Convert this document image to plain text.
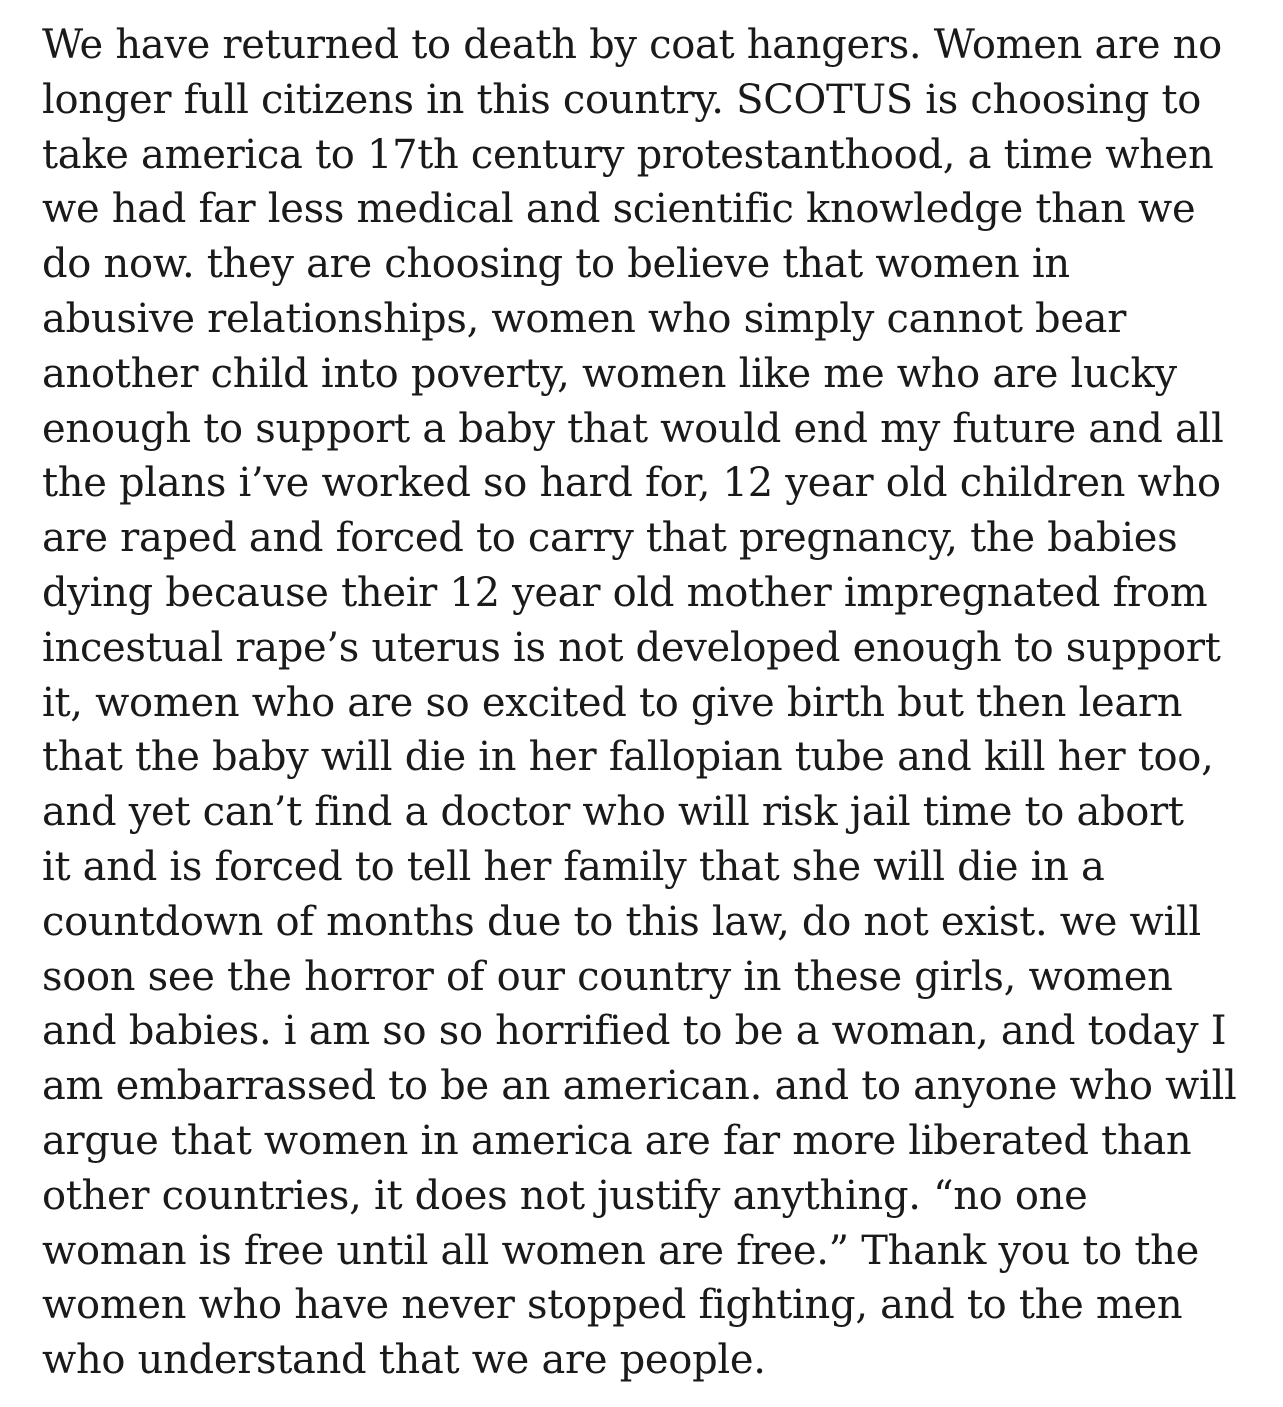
We have returned to death by coat hangers. Women are no
longer full citizens in this country. SCOTUS is choosing to
take america to 17th century protestanthood, a time when
we had far less medical and scientific knowledge than we
do now. they are choosing to believe that women in
abusive relationships, women who simply cannot bear
another child into poverty, women like me who are lucky
enough to support a baby that would end my future and all
the plans i’ve worked so hard for, 12 year old children who
are raped and forced to carry that pregnancy, the babies
dying because their 12 year old mother impregnated from
incestual rape’s uterus is not developed enough to support
it, women who are so excited to give birth but then learn
that the baby will die in her fallopian tube and kill her too,
and yet can’t find a doctor who will risk jail time to abort
it and is forced to tell her family that she will die in a
countdown of months due to this law, do not exist. we will
soon see the horror of our country in these girls, women
and babies. i am so so horrified to be a woman, and today I
am embarrassed to be an american. and to anyone who will
argue that women in america are far more liberated than
other countries, it does not justify anything. “no one
woman is free until all women are free.” Thank you to the
women who have never stopped fighting, and to the men
who understand that we are people.
